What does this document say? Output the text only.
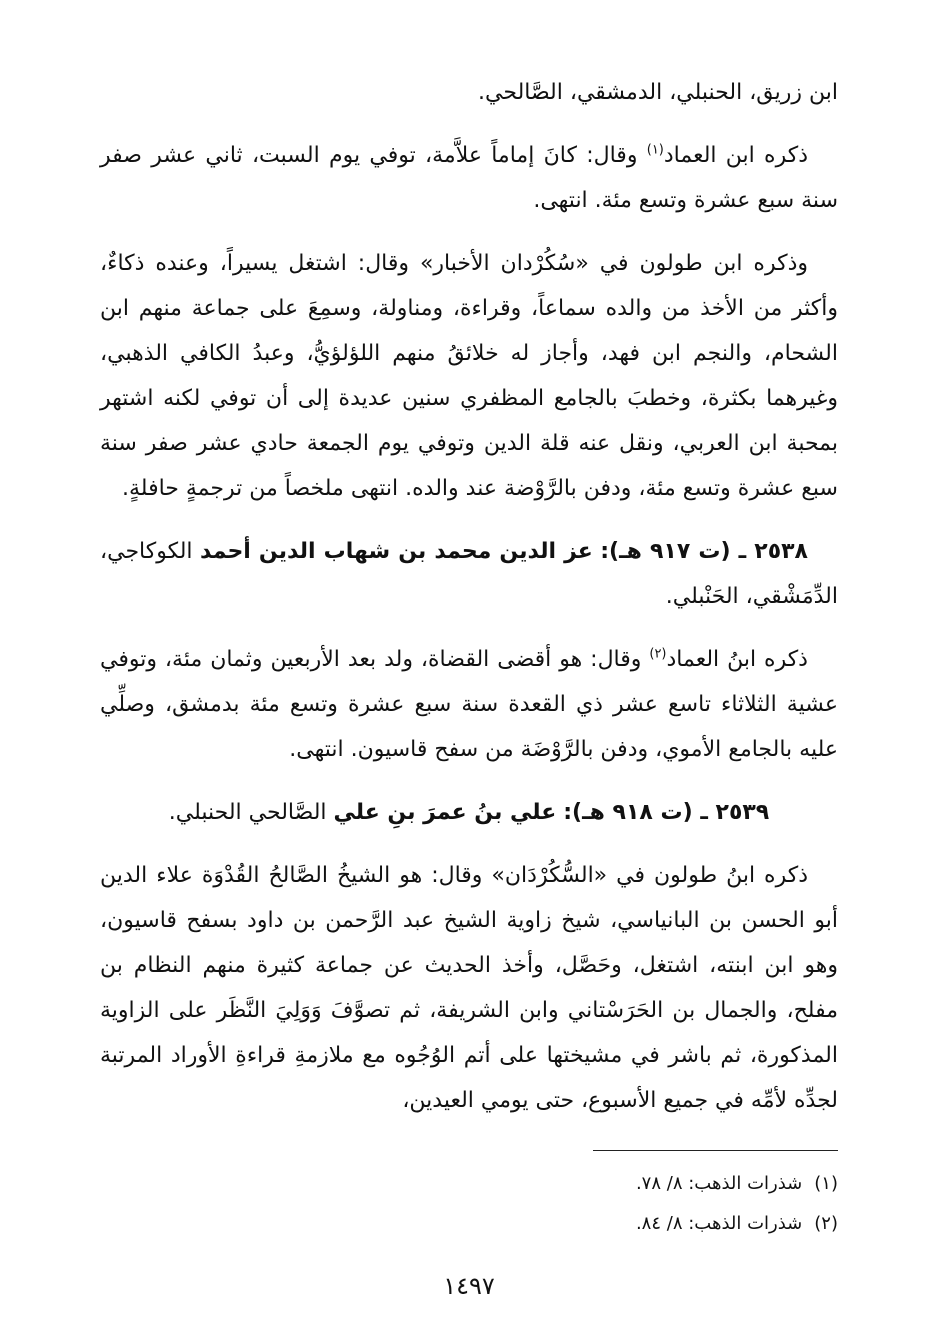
ابن زريق، الحنبلي، الدمشقي، الصَّالحي.

ذكره ابن العماد$^{(١)}$ وقال: كانَ إماماً علاَّمة، توفي يوم السبت، ثاني عشر صفر سنة سبع عشرة وتسع مئة. انتهى.

وذكره ابن طولون في «سُكُرْدان الأخبار» وقال: اشتغل يسيراً، وعنده ذكاءٌ، وأكثر من الأخذ من والده سماعاً، وقراءة، ومناولة، وسمِعَ على جماعة منهم ابن الشحام، والنجم ابن فهد، وأجاز له خلائقُ منهم اللؤلؤيُّ، وعبدُ الكافي الذهبي، وغيرهما بكثرة، وخطبَ بالجامع المظفري سنين عديدة إلى أن توفي لكنه اشتهر بمحبة ابن العربي، ونقل عنه قلة الدين وتوفي يوم الجمعة حادي عشر صفر سنة سبع عشرة وتسع مئة، ودفن بالرَّوْضة عند والده. انتهى ملخصاً من ترجمةٍ حافلةٍ.

٢٥٣٨ ـ (ت ٩١٧ هـ): عز الدين محمد بن شهاب الدين أحمد الكوكاجي، الدِّمَشْقي، الحَنْبلي.

ذكره ابنُ العماد$^{(٢)}$ وقال: هو أقضى القضاة، ولد بعد الأربعين وثمان مئة، وتوفي عشية الثلاثاء تاسع عشر ذي القعدة سنة سبع عشرة وتسع مئة بدمشق، وصلِّي عليه بالجامع الأموي، ودفن بالرَّوْضَة من سفح قاسيون. انتهى.

٢٥٣٩ ـ (ت ٩١٨ هـ): علي بنُ عمرَ بنِ علي الصَّالحي الحنبلي.

ذكره ابنُ طولون في «السُّكُرْدَان» وقال: هو الشيخُ الصَّالحُ القُدْوَة علاء الدين أبو الحسن بن البانياسي، شيخ زاوية الشيخ عبد الرَّحمن بن داود بسفح قاسيون، وهو ابن ابنته، اشتغل، وحَصَّل، وأخذ الحديث عن جماعة كثيرة منهم النظام بن مفلح، والجمال بن الحَرَسْتاني وابن الشريفة، ثم تصوَّفَ وَوَلِيَ النَّظَر على الزاوية المذكورة، ثم باشر في مشيختها على أتم الوُجُوه مع ملازمةِ قراءةِ الأوراد المرتبة لجدِّه لأمِّه في جميع الأسبوع، حتى يومي العيدين،

(١)شذرات الذهب: ٨/ ٧٨.

(٢)شذرات الذهب: ٨/ ٨٤.

١٤٩٧
